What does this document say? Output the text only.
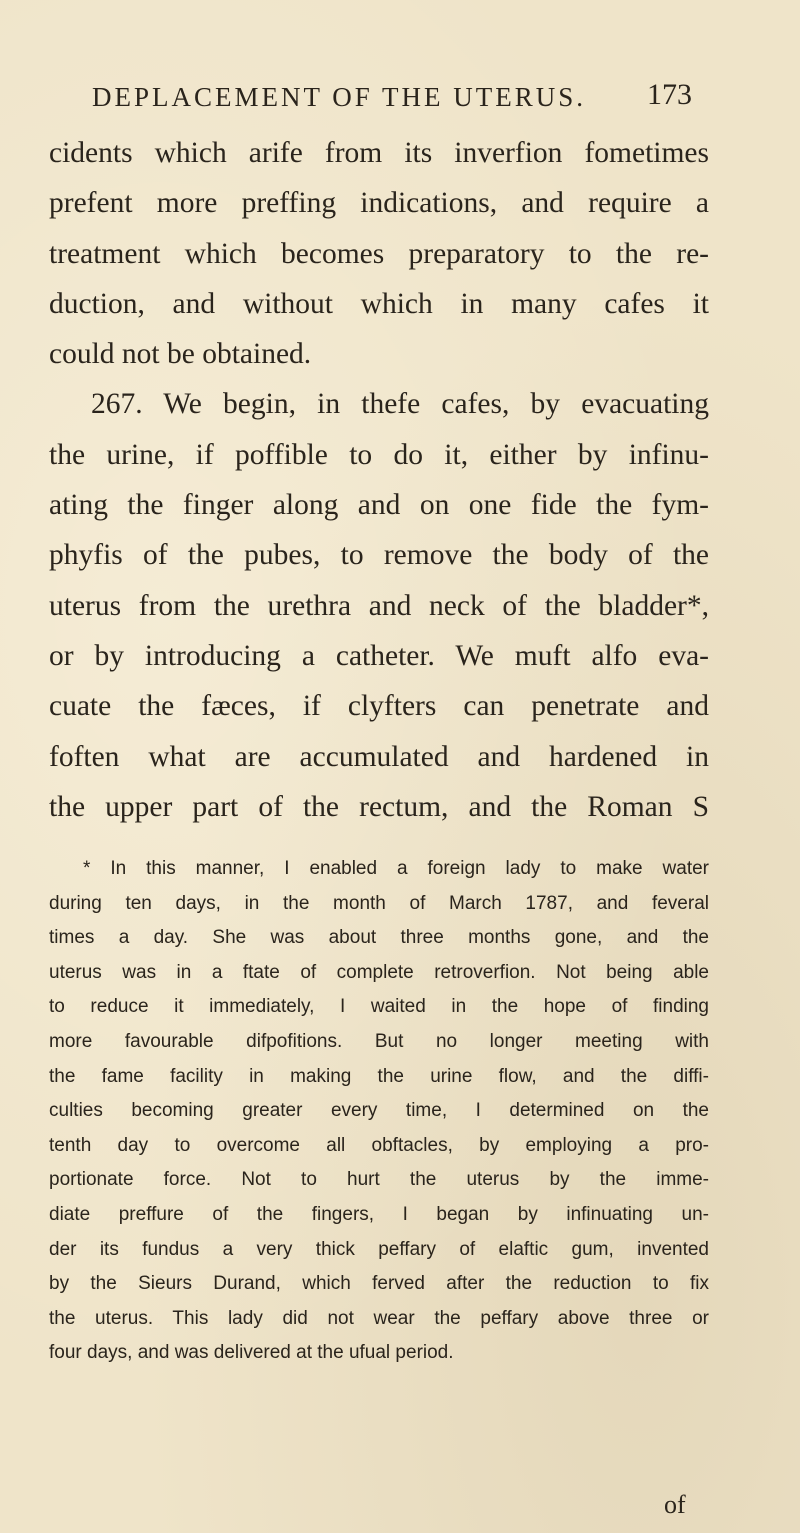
DEPLACEMENT OF THE UTERUS. 173
cidents which arife from its inverfion fometimes
prefent more preffing indications, and require a
treatment which becomes preparatory to the re-
duction, and without which in many cafes it
could not be obtained.
267. We begin, in thefe cafes, by evacuating
the urine, if poffible to do it, either by infinu-
ating the finger along and on one fide the fym-
phyfis of the pubes, to remove the body of the
uterus from the urethra and neck of the bladder*,
or by introducing a catheter. We muft alfo eva-
cuate the fæces, if clyfters can penetrate and
foften what are accumulated and hardened in
the upper part of the rectum, and the Roman S
* In this manner, I enabled a foreign lady to make water
during ten days, in the month of March 1787, and feveral
times a day. She was about three months gone, and the
uterus was in a ftate of complete retroverfion. Not being able
to reduce it immediately, I waited in the hope of finding
more favourable difpofitions. But no longer meeting with
the fame facility in making the urine flow, and the diffi-
culties becoming greater every time, I determined on the
tenth day to overcome all obftacles, by employing a pro-
portionate force. Not to hurt the uterus by the imme-
diate preffure of the fingers, I began by infinuating un-
der its fundus a very thick peffary of elaftic gum, invented
by the Sieurs Durand, which ferved after the reduction to fix
the uterus. This lady did not wear the peffary above three or
four days, and was delivered at the ufual period.
of
